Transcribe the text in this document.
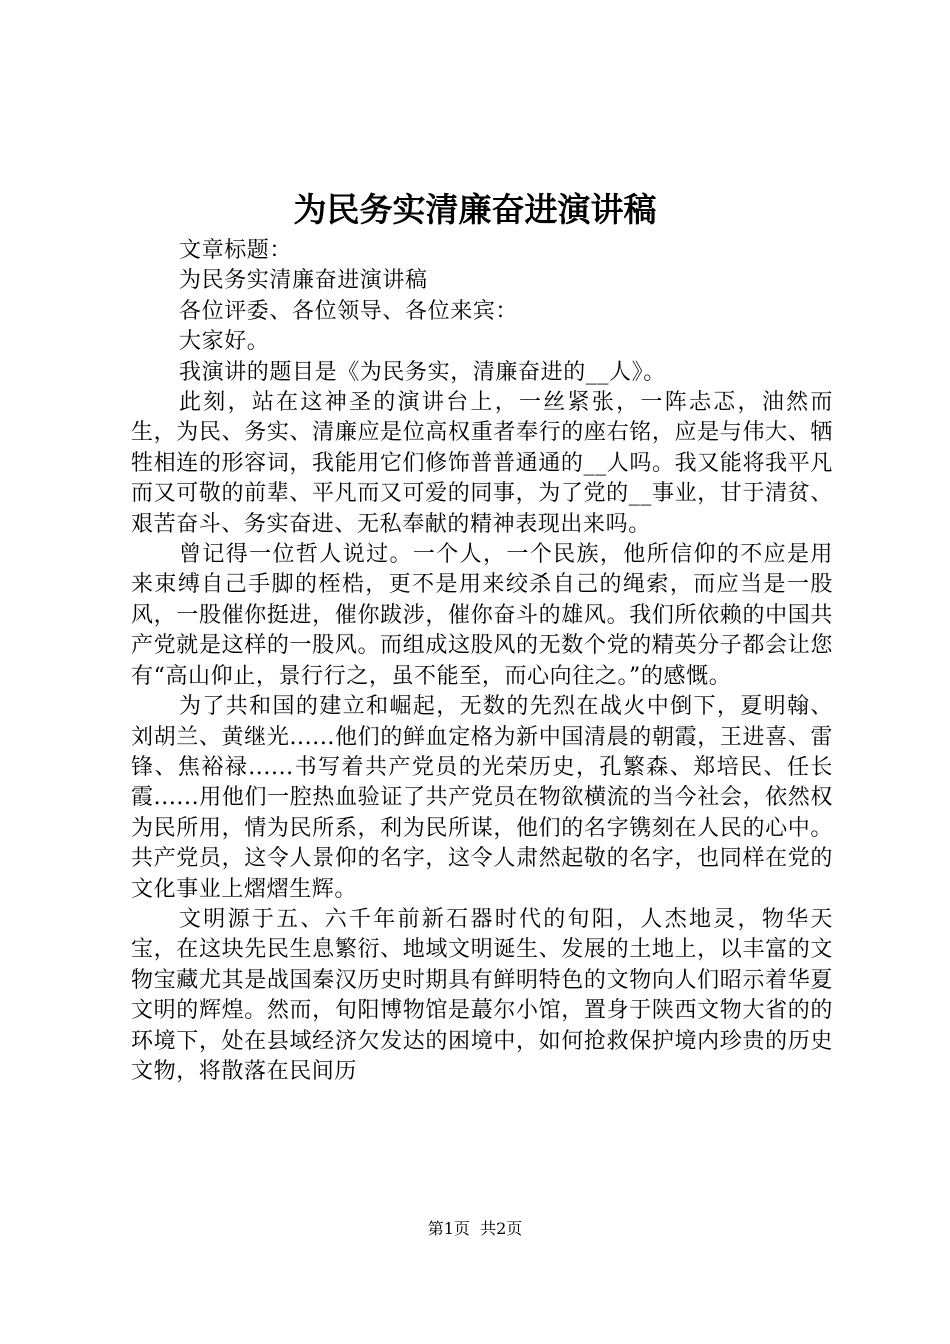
为民务实清廉奋进演讲稿

文章标题：

为民务实清廉奋进演讲稿

各位评委、各位领导、各位来宾：

大家好。

我演讲的题目是《为民务实，清廉奋进的__人》。

此刻，站在这神圣的演讲台上，一丝紧张，一阵忐忑，油然而生，为民、务实、清廉应是位高权重者奉行的座右铭，应是与伟大、牺牲相连的形容词，我能用它们修饰普普通通的__人吗。我又能将我平凡而又可敬的前辈、平凡而又可爱的同事，为了党的__事业，甘于清贫、艰苦奋斗、务实奋进、无私奉献的精神表现出来吗。

曾记得一位哲人说过。一个人，一个民族，他所信仰的不应是用来束缚自己手脚的桎梏，更不是用来绞杀自己的绳索，而应当是一股风，一股催你挺进，催你跋涉，催你奋斗的雄风。我们所依赖的中国共产党就是这样的一股风。而组成这股风的无数个党的精英分子都会让您有“高山仰止，景行行之，虽不能至，而心向往之。”的感慨。

为了共和国的建立和崛起，无数的先烈在战火中倒下，夏明翰、刘胡兰、黄继光......他们的鲜血定格为新中国清晨的朝霞，王进喜、雷锋、焦裕禄......书写着共产党员的光荣历史，孔繁森、郑培民、任长霞......用他们一腔热血验证了共产党员在物欲横流的当今社会，依然权为民所用，情为民所系，利为民所谋，他们的名字镌刻在人民的心中。共产党员，这令人景仰的名字，这令人肃然起敬的名字，也同样在党的文化事业上熠熠生辉。

文明源于五、六千年前新石器时代的旬阳，人杰地灵，物华天宝，在这块先民生息繁衍、地域文明诞生、发展的土地上，以丰富的文物宝藏尤其是战国秦汉历史时期具有鲜明特色的文物向人们昭示着华夏文明的辉煌。然而，旬阳博物馆是蕞尔小馆，置身于陕西文物大省的的环境下，处在县域经济欠发达的困境中，如何抢救保护境内珍贵的历史文物，将散落在民间历

第1页 共2页
